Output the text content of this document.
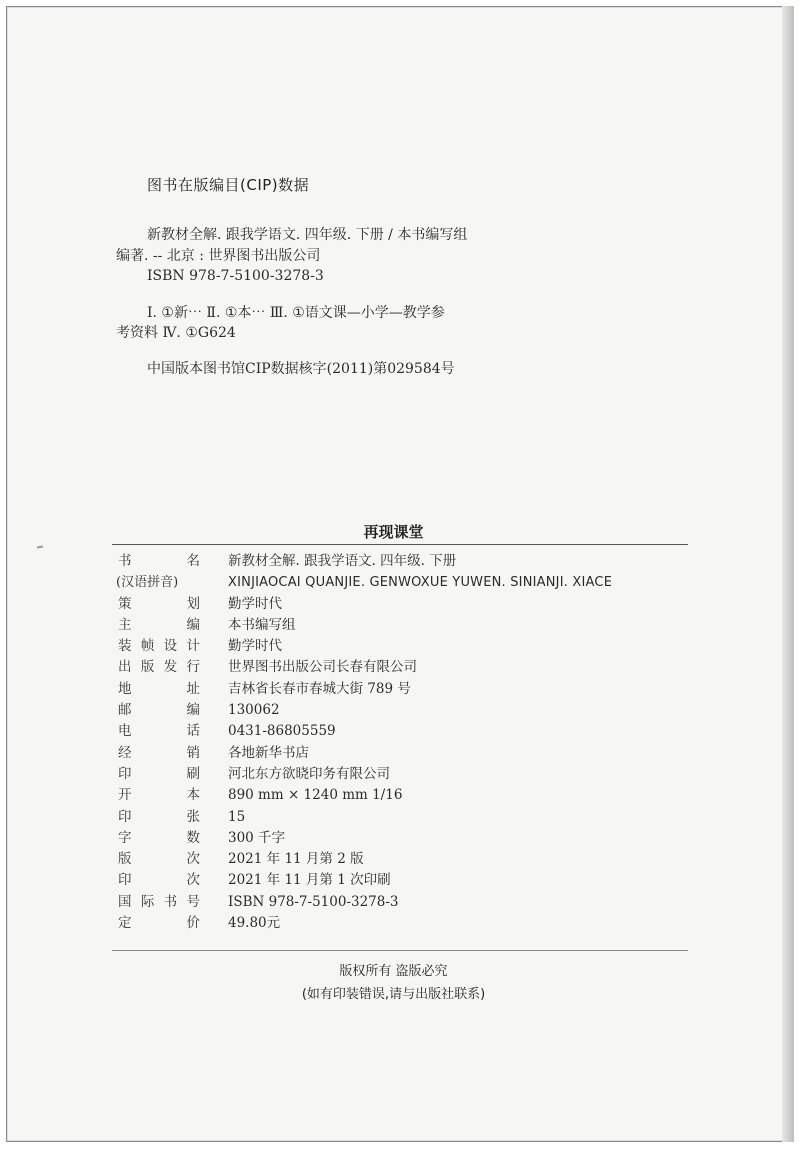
图书在版编目(CIP)数据
新教材全解. 跟我学语文. 四年级. 下册 / 本书编写组
编著. -- 北京 : 世界图书出版公司
ISBN 978-7-5100-3278-3
Ⅰ. ①新⋯ Ⅱ. ①本⋯ Ⅲ. ①语文课—小学—教学参
考资料 Ⅳ. ①G624
中国版本图书馆CIP数据核字(2011)第029584号
再现课堂
书	名 新教材全解. 跟我学语文. 四年级. 下册
(汉语拼音)	XINJIAOCAI QUANJIE. GENWOXUE YUWEN. SINIANJI. XIACE
策	划 勤学时代
主	编 本书编写组
装 帧 设 计 勤学时代
出 版 发 行 世界图书出版公司长春有限公司
地	址 吉林省长春市春城大街 789 号
邮	编 130062
电	话 0431-86805559
经	销 各地新华书店
印	刷 河北东方欲晓印务有限公司
开	本 890 mm × 1240 mm 1/16
印	张 15
字	数 300 千字
版	次 2021 年 11 月第 2 版
印	次 2021 年 11 月第 1 次印刷
国 际 书 号 ISBN 978-7-5100-3278-3
定	价 49.80元
版权所有 盗版必究
(如有印装错误,请与出版社联系)
